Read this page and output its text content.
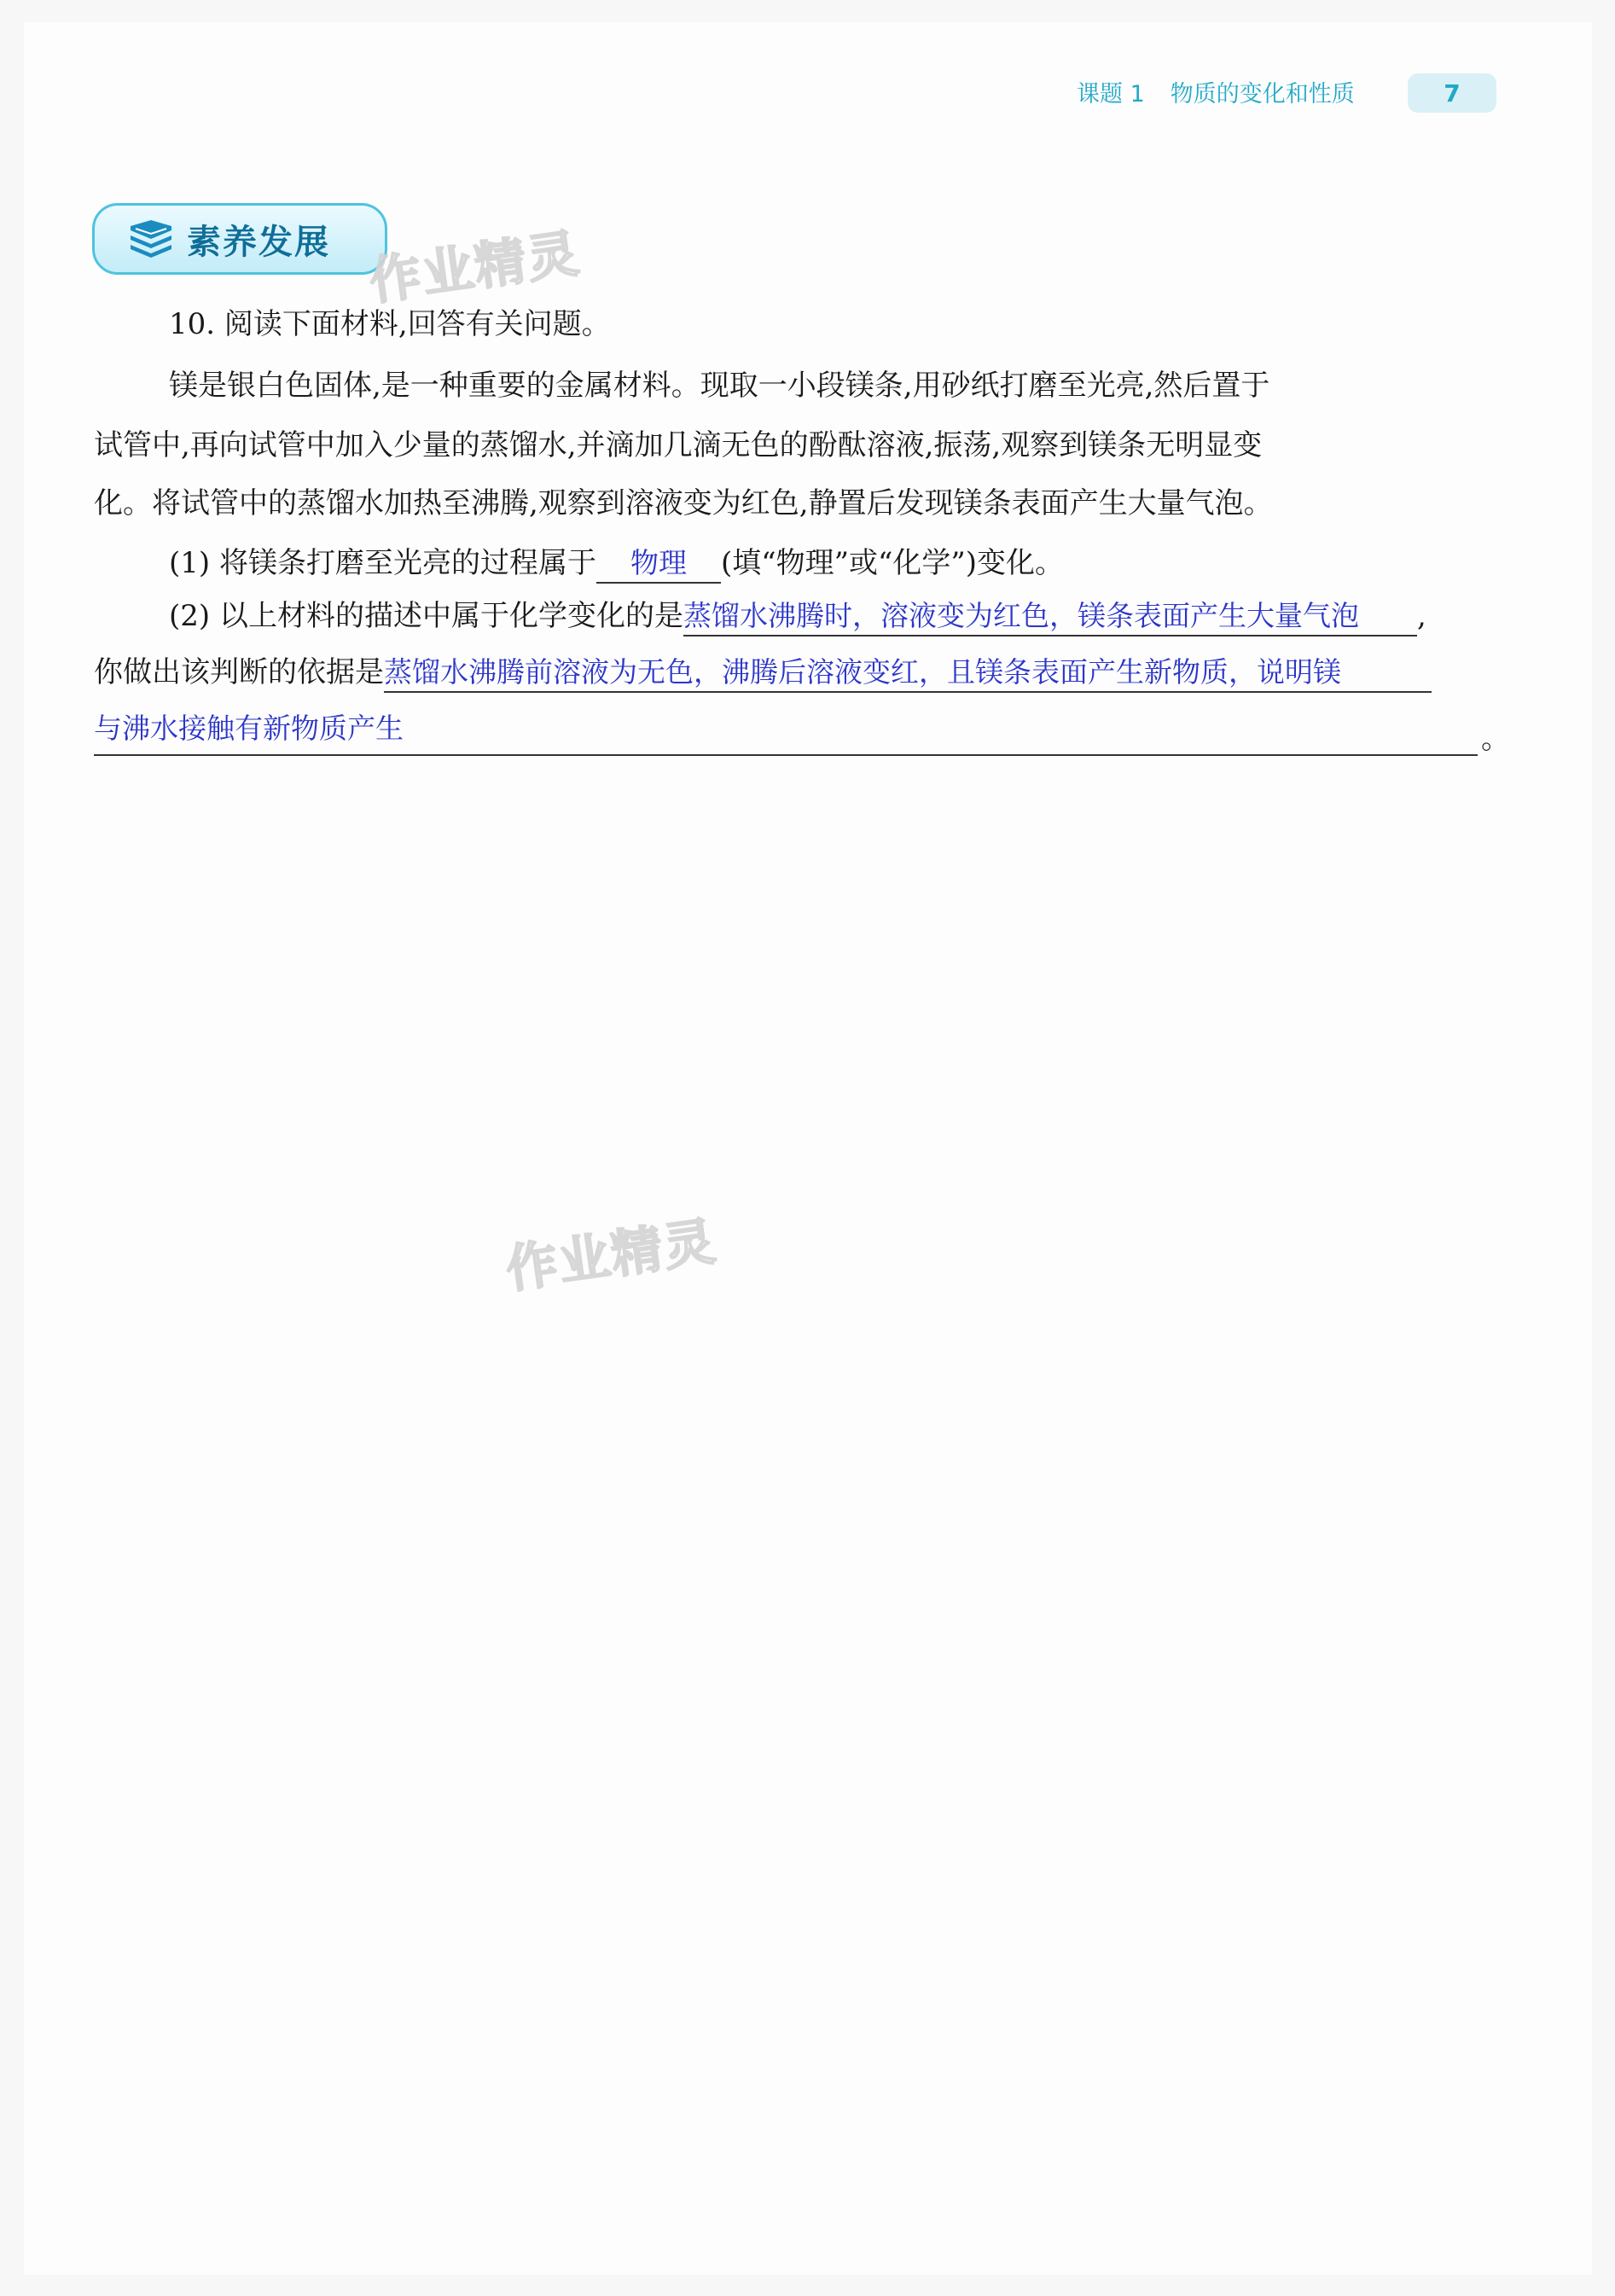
课题 1 物质的变化和性质	7
素养发展 作业精灵
作业精灵
10. 阅读下面材料,回答有关问题。
镁是银白色固体,是一种重要的金属材料。现取一小段镁条,用砂纸打磨至光亮,然后置于
试管中,再向试管中加入少量的蒸馏水,并滴加几滴无色的酚酞溶液,振荡,观察到镁条无明显变
化。将试管中的蒸馏水加热至沸腾,观察到溶液变为红色,静置后发现镁条表面产生大量气泡。
(1) 将镁条打磨至光亮的过程属于 物理 (填“物理”或“化学”)变化。
(2) 以上材料的描述中属于化学变化的是蒸馏水沸腾时，溶液变为红色，镁条表面产生大量气泡 ,
你做出该判断的依据是蒸馏水沸腾前溶液为无色，沸腾后溶液变红，且镁条表面产生新物质，说明镁
与沸水接触有新物质产生	。
